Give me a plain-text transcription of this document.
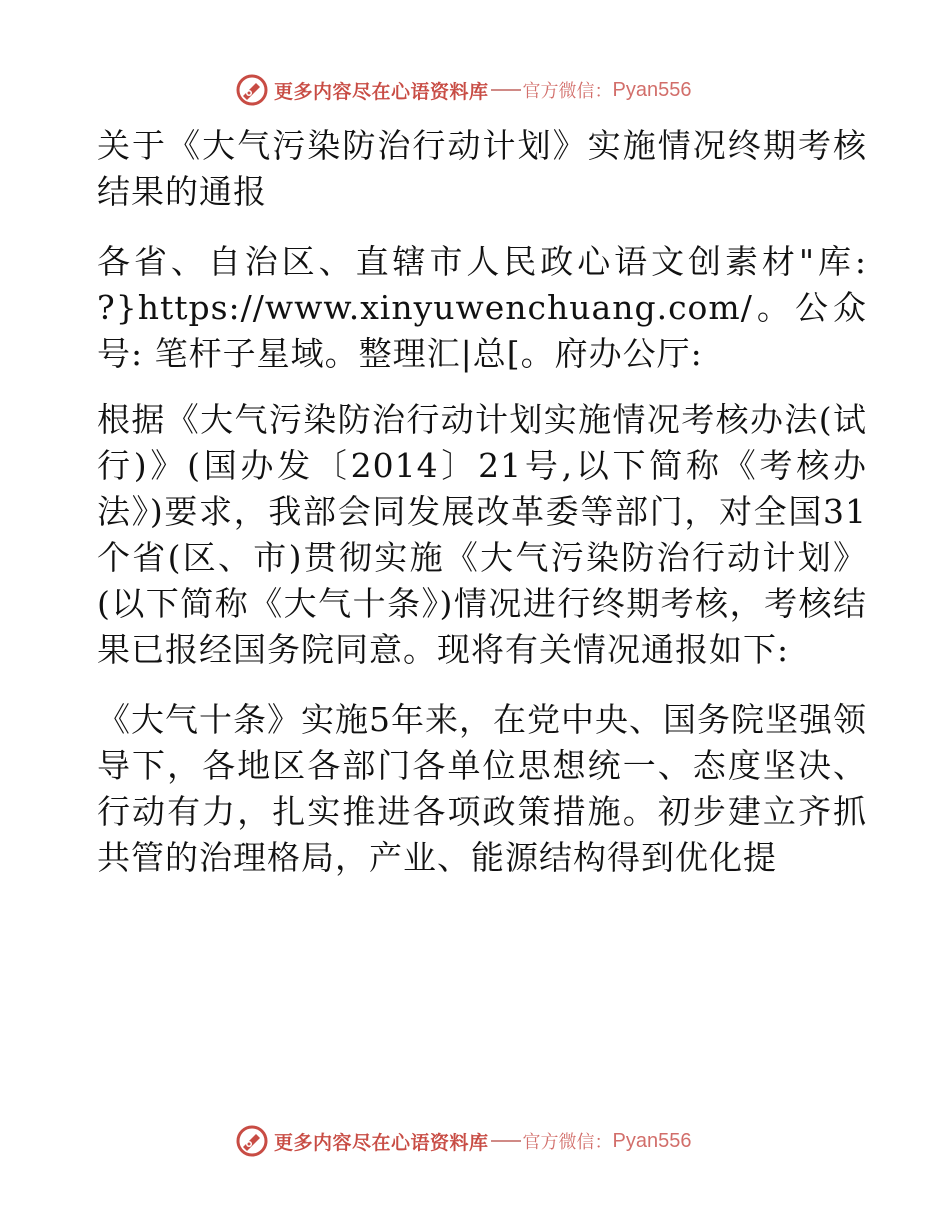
更多内容尽在心语资料库 官方微信： Pyan556

关于《大气污染防治行动计划》实施情况终期考核结果的通报

各省、自治区、直辖市人民政心语文创素材"库: ?}https://www.xinyuwenchuang.com/。公众号: 笔杆子星域。整理汇|总[。府办公厅:

根据《大气污染防治行动计划实施情况考核办法(试行)》(国办发〔2014〕21号,以下简称《考核办法》)要求，我部会同发展改革委等部门，对全国31个省(区、市)贯彻实施《大气污染防治行动计划》(以下简称《大气十条》)情况进行终期考核，考核结果已报经国务院同意。现将有关情况通报如下:

《大气十条》实施5年来，在党中央、国务院坚强领导下，各地区各部门各单位思想统一、态度坚决、行动有力，扎实推进各项政策措施。初步建立齐抓共管的治理格局，产业、能源结构得到优化提

更多内容尽在心语资料库 官方微信： Pyan556
